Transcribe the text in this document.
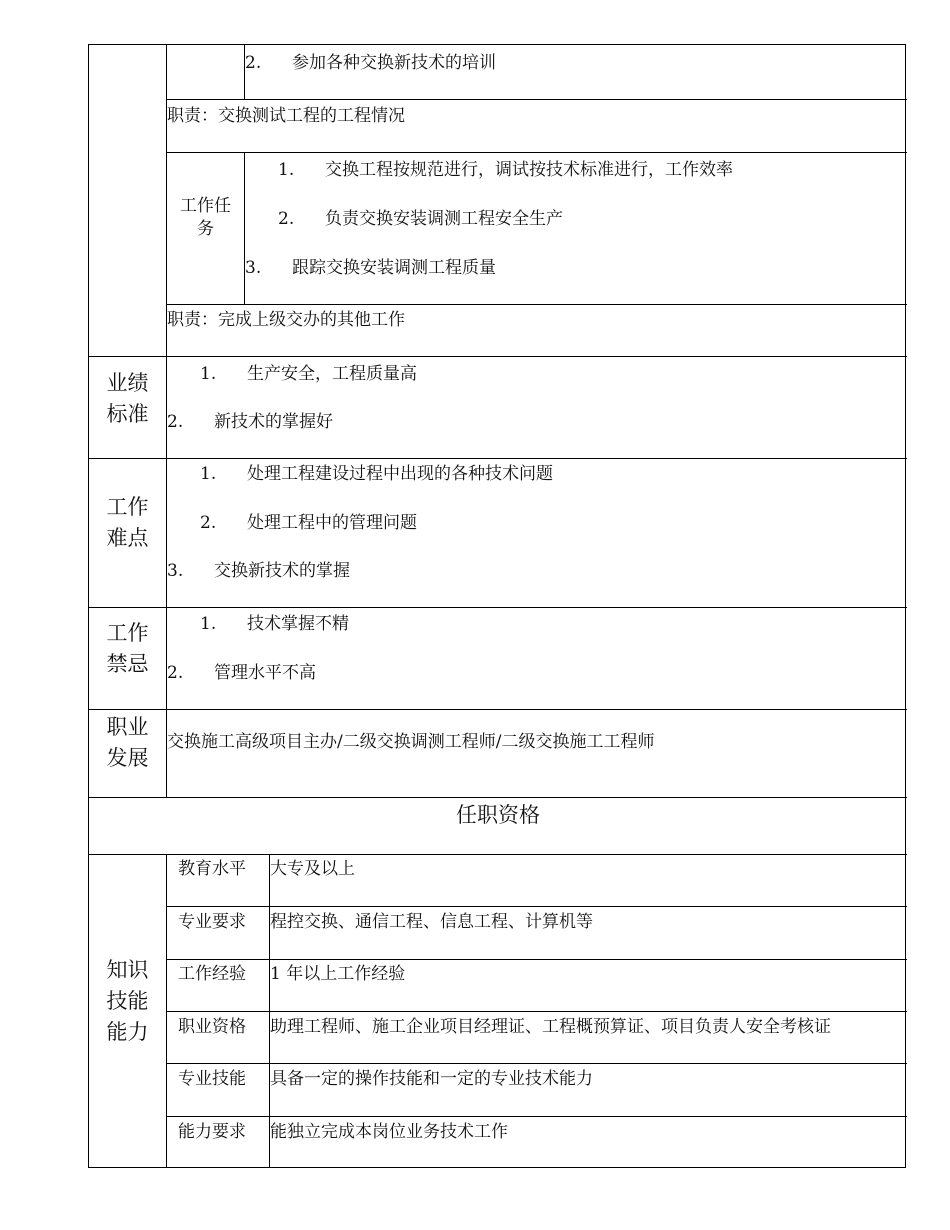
2. 参加各种交换新技术的培训
职责：交换测试工程的工程情况
工作任
务
1. 交换工程按规范进行，调试按技术标准进行，工作效率
2. 负责交换安装调测工程安全生产
3. 跟踪交换安装调测工程质量
职责：完成上级交办的其他工作
业绩
标准
1. 生产安全，工程质量高
2. 新技术的掌握好
工作
难点
1. 处理工程建设过程中出现的各种技术问题
2. 处理工程中的管理问题
3. 交换新技术的掌握
工作
禁忌
1. 技术掌握不精
2. 管理水平不高
职业
发展
交换施工高级项目主办/二级交换调测工程师/二级交换施工工程师
任职资格
知识
技能
能力
教育水平 大专及以上
专业要求 程控交换、通信工程、信息工程、计算机等
工作经验 1 年以上工作经验
职业资格 助理工程师、施工企业项目经理证、工程概预算证、项目负责人安全考核证
专业技能 具备一定的操作技能和一定的专业技术能力
能力要求 能独立完成本岗位业务技术工作
